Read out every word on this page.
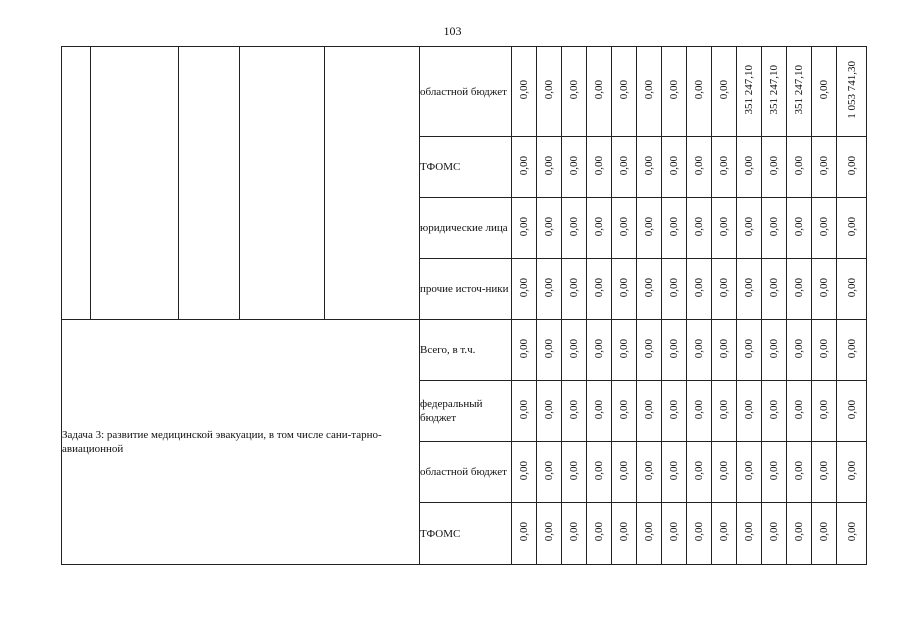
103
					областной бюджет	0,00	0,00	0,00	0,00	0,00	0,00	0,00	0,00	0,00	351 247,10	351 247,10	351 247,10	0,00	1 053 741,30
					ТФОМС	0,00	0,00	0,00	0,00	0,00	0,00	0,00	0,00	0,00	0,00	0,00	0,00	0,00	0,00
					юридические лица	0,00	0,00	0,00	0,00	0,00	0,00	0,00	0,00	0,00	0,00	0,00	0,00	0,00	0,00
					прочие источ-ники	0,00	0,00	0,00	0,00	0,00	0,00	0,00	0,00	0,00	0,00	0,00	0,00	0,00	0,00
Задача 3: развитие медицинской эвакуации, в том числе сани-тарно-авиационной					Всего, в т.ч.	0,00	0,00	0,00	0,00	0,00	0,00	0,00	0,00	0,00	0,00	0,00	0,00	0,00	0,00
					федеральный бюджет	0,00	0,00	0,00	0,00	0,00	0,00	0,00	0,00	0,00	0,00	0,00	0,00	0,00	0,00
					областной бюджет	0,00	0,00	0,00	0,00	0,00	0,00	0,00	0,00	0,00	0,00	0,00	0,00	0,00	0,00
					ТФОМС	0,00	0,00	0,00	0,00	0,00	0,00	0,00	0,00	0,00	0,00	0,00	0,00	0,00	0,00
